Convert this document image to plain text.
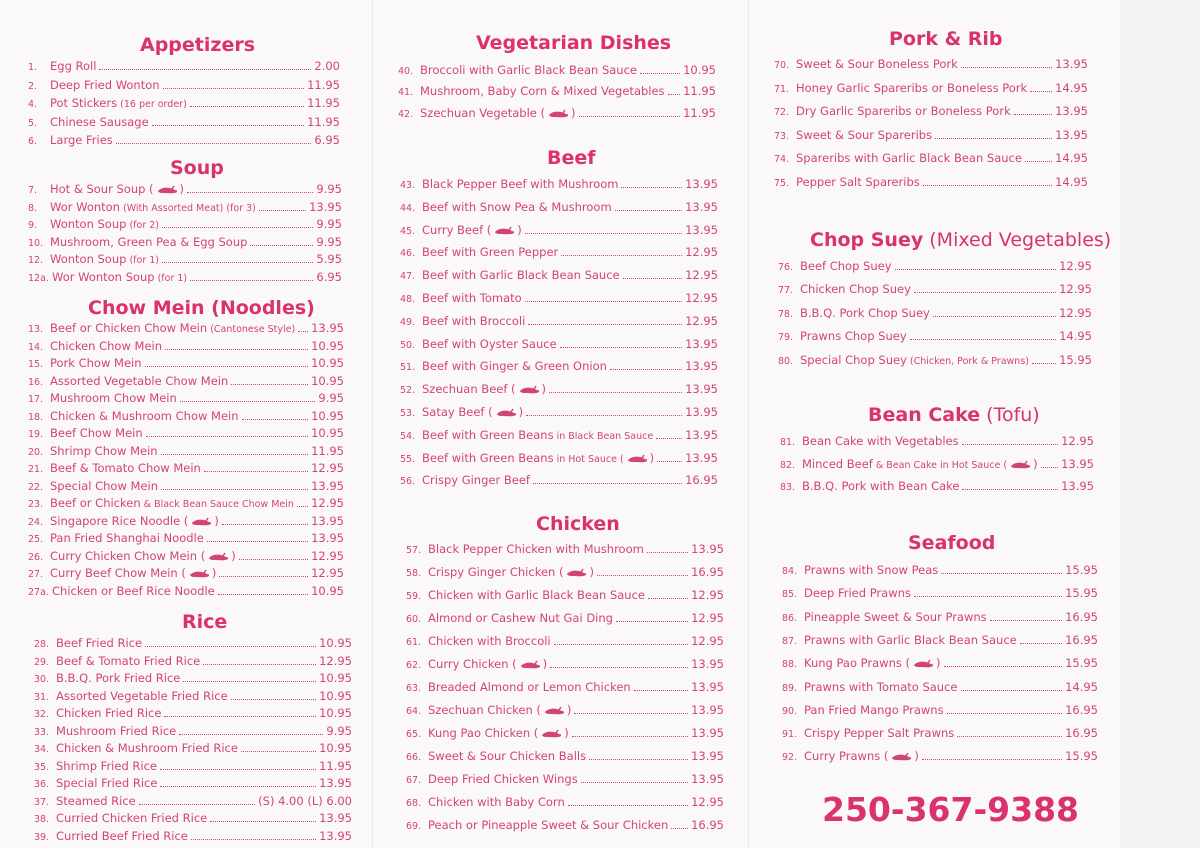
Appetizers
1.	Egg Roll	2.00
2.	Deep Fried Wonton	11.95
4.	Pot Stickers (16 per order)	11.95
5.	Chinese Sausage	11.95
6.	Large Fries	6.95
Soup
7.	Hot & Sour Soup ( )	9.95
8.	Wor Wonton (With Assorted Meat) (for 3)	13.95
9.	Wonton Soup (for 2)	9.95
10. Mushroom, Green Pea & Egg Soup	9.95
12. Wonton Soup (for 1)	5.95
12a. Wor Wonton Soup (for 1)	6.95
Chow Mein (Noodles)
13. Beef or Chicken Chow Mein (Cantonese Style) 13.95
14. Chicken Chow Mein	10.95
15. Pork Chow Mein	10.95
16. Assorted Vegetable Chow Mein	10.95
17. Mushroom Chow Mein	9.95
18. Chicken & Mushroom Chow Mein	10.95
19. Beef Chow Mein	10.95
20. Shrimp Chow Mein	11.95
21. Beef & Tomato Chow Mein	12.95
22. Special Chow Mein	13.95
23. Beef or Chicken & Black Bean Sauce Chow Mein 12.95
24. Singapore Rice Noodle ( )	13.95
25. Pan Fried Shanghai Noodle	13.95
26. Curry Chicken Chow Mein ( )	12.95
27. Curry Beef Chow Mein ( )	12.95
27a. Chicken or Beef Rice Noodle	10.95
Rice
28. Beef Fried Rice	10.95
29. Beef & Tomato Fried Rice	12.95
30. B.B.Q. Pork Fried Rice	10.95
31. Assorted Vegetable Fried Rice	10.95
32. Chicken Fried Rice	10.95
33. Mushroom Fried Rice	9.95
34. Chicken & Mushroom Fried Rice	10.95
35. Shrimp Fried Rice	11.95
36. Special Fried Rice	13.95
37. Steamed Rice	(S) 4.00 (L) 6.00
38. Curried Chicken Fried Rice	13.95
39. Curried Beef Fried Rice	13.95
Vegetarian Dishes
40. Broccoli with Garlic Black Bean Sauce	10.95
41. Mushroom, Baby Corn & Mixed Vegetables 11.95
42. Szechuan Vegetable ( )	11.95
Beef
43. Black Pepper Beef with Mushroom	13.95
44. Beef with Snow Pea & Mushroom	13.95
45. Curry Beef ( )	13.95
46. Beef with Green Pepper	12.95
47. Beef with Garlic Black Bean Sauce	12.95
48. Beef with Tomato	12.95
49. Beef with Broccoli	12.95
50. Beef with Oyster Sauce	13.95
51. Beef with Ginger & Green Onion	13.95
52. Szechuan Beef ( )	13.95
53. Satay Beef ( )	13.95
54. Beef with Green Beans in Black Bean Sauce	13.95
55. Beef with Green Beans in Hot Sauce ( )	13.95
56. Crispy Ginger Beef	16.95
Chicken
57. Black Pepper Chicken with Mushroom	13.95
58. Crispy Ginger Chicken ( )	16.95
59. Chicken with Garlic Black Bean Sauce	12.95
60. Almond or Cashew Nut Gai Ding	12.95
61. Chicken with Broccoli	12.95
62. Curry Chicken ( )	13.95
63. Breaded Almond or Lemon Chicken	13.95
64. Szechuan Chicken ( )	13.95
65. Kung Pao Chicken ( )	13.95
66. Sweet & Sour Chicken Balls	13.95
67. Deep Fried Chicken Wings	13.95
68. Chicken with Baby Corn	12.95
69. Peach or Pineapple Sweet & Sour Chicken 16.95
Pork & Rib
70. Sweet & Sour Boneless Pork	13.95
71. Honey Garlic Spareribs or Boneless Pork 14.95
72. Dry Garlic Spareribs or Boneless Pork	13.95
73. Sweet & Sour Spareribs	13.95
74. Spareribs with Garlic Black Bean Sauce	14.95
75. Pepper Salt Spareribs	14.95
Chop Suey (Mixed Vegetables)
76. Beef Chop Suey	12.95
77. Chicken Chop Suey	12.95
78. B.B.Q. Pork Chop Suey	12.95
79. Prawns Chop Suey	14.95
80. Special Chop Suey (Chicken, Pork & Prawns)	15.95
Bean Cake (Tofu)
81. Bean Cake with Vegetables	12.95
82. Minced Beef & Bean Cake in Hot Sauce ( ) 13.95
83. B.B.Q. Pork with Bean Cake	13.95
Seafood
84. Prawns with Snow Peas	15.95
85. Deep Fried Prawns	15.95
86. Pineapple Sweet & Sour Prawns	16.95
87. Prawns with Garlic Black Bean Sauce	16.95
88. Kung Pao Prawns ( )	15.95
89. Prawns with Tomato Sauce	14.95
90. Pan Fried Mango Prawns	16.95
91. Crispy Pepper Salt Prawns	16.95
92. Curry Prawns ( )	15.95
250-367-9388
